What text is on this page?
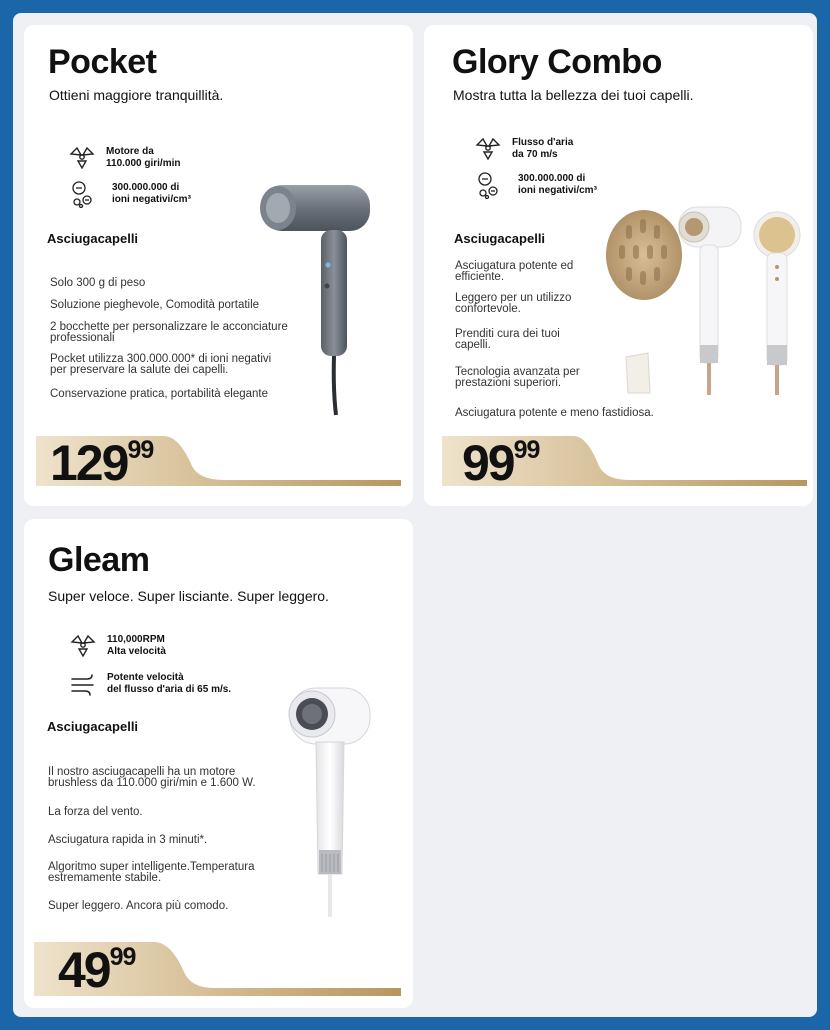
Pocket
Ottieni maggiore tranquillità.
Motore da
110.000 giri/min
300.000.000 di
ioni negativi/cm³
Asciugacapelli
Solo 300 g di peso
Soluzione pieghevole, Comodità portatile
2 bocchette per personalizzare le acconciature
professionali
Pocket utilizza 300.000.000* di ioni negativi
per preservare la salute dei capelli.
Conservazione pratica, portabilità elegante
$129^{99}$
Glory Combo
Mostra tutta la bellezza dei tuoi capelli.
Flusso d'aria
da 70 m/s
300.000.000 di
ioni negativi/cm³
Asciugacapelli
Asciugatura potente ed
efficiente.
Leggero per un utilizzo
confortevole.
Prenditi cura dei tuoi
capelli.
Tecnologia avanzata per
prestazioni superiori.
Asciugatura potente e meno fastidiosa.
$99^{99}$
Gleam
Super veloce. Super lisciante. Super leggero.
110,000RPM
Alta velocità
Potente velocità
del flusso d'aria di 65 m/s.
Asciugacapelli
Il nostro asciugacapelli ha un motore
brushless da 110.000 giri/min e 1.600 W.
La forza del vento.
Asciugatura rapida in 3 minuti*.
Algoritmo super intelligente.Temperatura
estremamente stabile.
Super leggero. Ancora più comodo.
$49^{99}$
